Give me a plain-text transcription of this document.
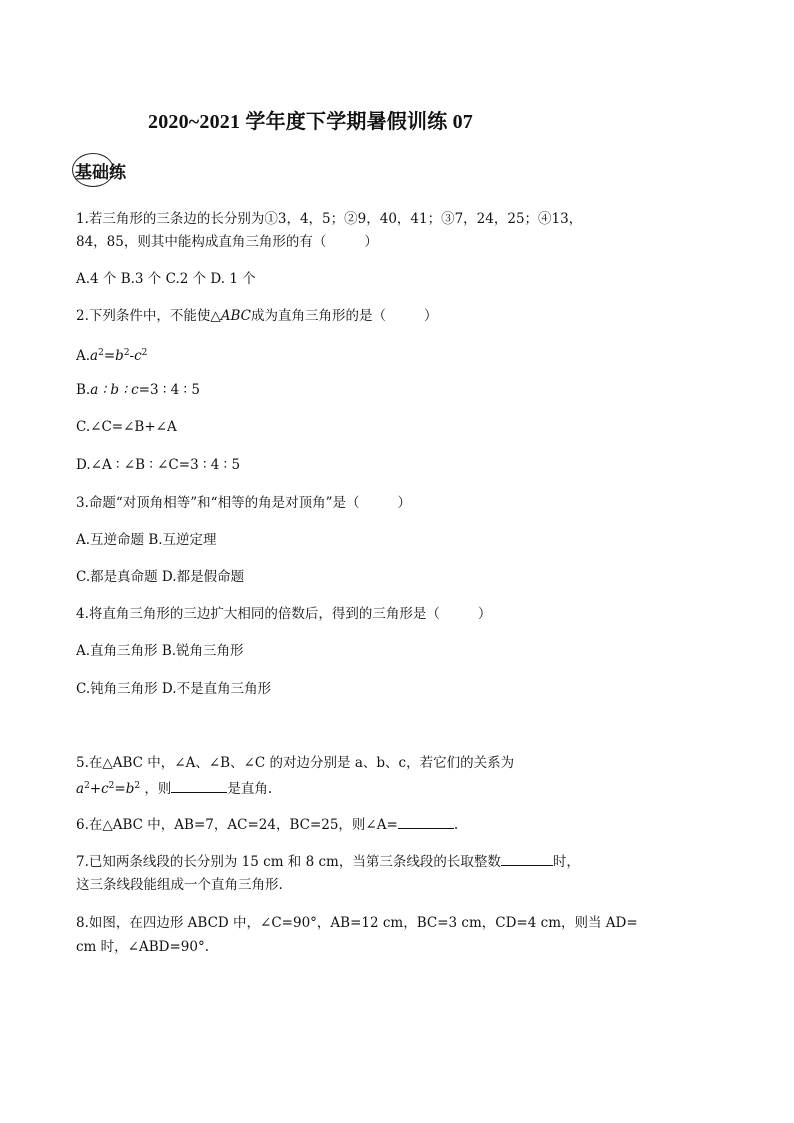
2020~2021 学年度下学期暑假训练 07
基础练
1.若三角形的三条边的长分别为①3，4，5；②9，40，41；③7，24，25；④13，
84，85，则其中能构成直角三角形的有（	）
A.4 个 B.3 个 C.2 个 D. 1 个
2.下列条件中，不能使△ABC成为直角三角形的是（	）
$A.a^2=b^2-c^2$
B.a ∶ b ∶ c=3 ∶ 4 ∶ 5
C.∠C=∠B+∠A
D.∠A ∶ ∠B ∶ ∠C=3 ∶ 4 ∶ 5
3.命题“对顶角相等”和“相等的角是对顶角”是（	）
A.互逆命题 B.互逆定理
C.都是真命题 D.都是假命题
4.将直角三角形的三边扩大相同的倍数后，得到的三角形是（	）
A.直角三角形 B.锐角三角形
C.钝角三角形 D.不是直角三角形
5.在△ABC 中，∠A、∠B、∠C 的对边分别是 a、b、c，若它们的关系为
$a^2+c^2=b^2$ ，则	是直角.
6.在△ABC 中，AB=7，AC=24，BC=25，则∠A=	.
7.已知两条线段的长分别为 15 cm 和 8 cm，当第三条线段的长取整数	时，
这三条线段能组成一个直角三角形.
8.如图，在四边形 ABCD 中，∠C=90°，AB=12 cm，BC=3 cm，CD=4 cm，则当 AD=
cm 时，∠ABD=90°.
